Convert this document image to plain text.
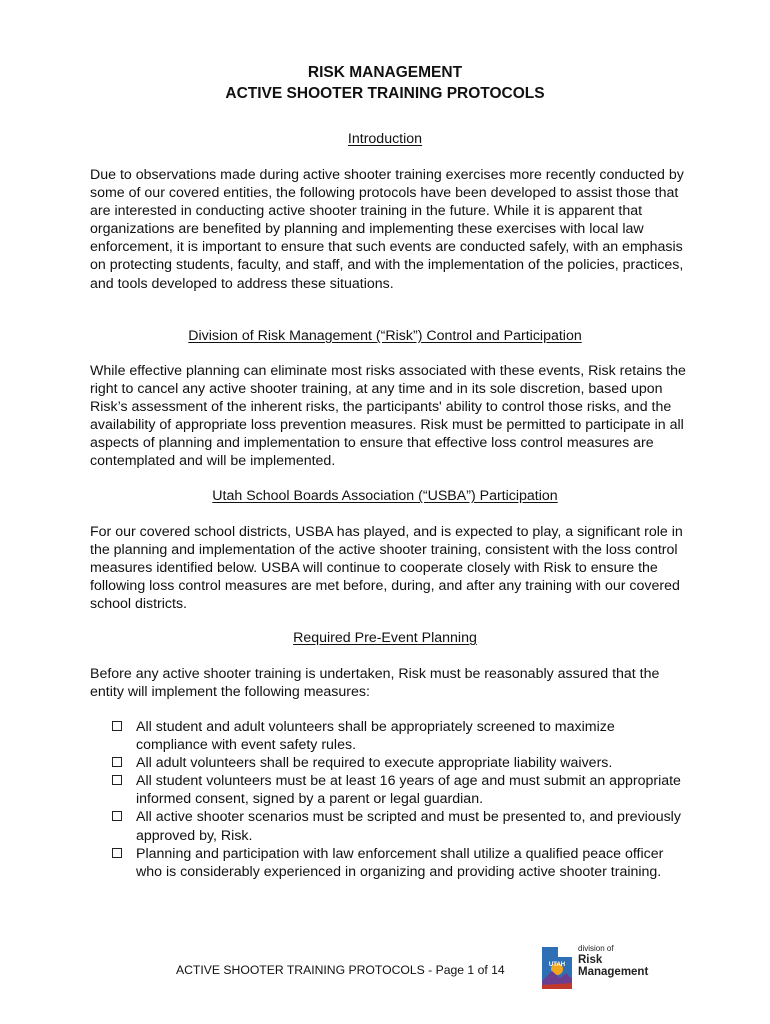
RISK MANAGEMENT
ACTIVE SHOOTER TRAINING PROTOCOLS
Introduction

Due to observations made during active shooter training exercises more recently conducted by some of our covered entities, the following protocols have been developed to assist those that are interested in conducting active shooter training in the future. While it is apparent that organizations are benefited by planning and implementing these exercises with local law enforcement, it is important to ensure that such events are conducted safely, with an emphasis on protecting students, faculty, and staff, and with the implementation of the policies, practices, and tools developed to address these situations.

Division of Risk Management (“Risk”) Control and Participation

While effective planning can eliminate most risks associated with these events, Risk retains the right to cancel any active shooter training, at any time and in its sole discretion, based upon Risk’s assessment of the inherent risks, the participants' ability to control those risks, and the availability of appropriate loss prevention measures. Risk must be permitted to participate in all aspects of planning and implementation to ensure that effective loss control measures are contemplated and will be implemented.

Utah School Boards Association (“USBA”) Participation

For our covered school districts, USBA has played, and is expected to play, a significant role in the planning and implementation of the active shooter training, consistent with the loss control measures identified below. USBA will continue to cooperate closely with Risk to ensure the following loss control measures are met before, during, and after any training with our covered school districts.

Required Pre-Event Planning

Before any active shooter training is undertaken, Risk must be reasonably assured that the entity will implement the following measures:

All student and adult volunteers shall be appropriately screened to maximize compliance with event safety rules.
All adult volunteers shall be required to execute appropriate liability waivers.
All student volunteers must be at least 16 years of age and must submit an appropriate informed consent, signed by a parent or legal guardian.
All active shooter scenarios must be scripted and must be presented to, and previously approved by, Risk.
Planning and participation with law enforcement shall utilize a qualified peace officer who is considerably experienced in organizing and providing active shooter training.
ACTIVE SHOOTER TRAINING PROTOCOLS - Page 1 of 14	UTAH
division of
Risk
Management
